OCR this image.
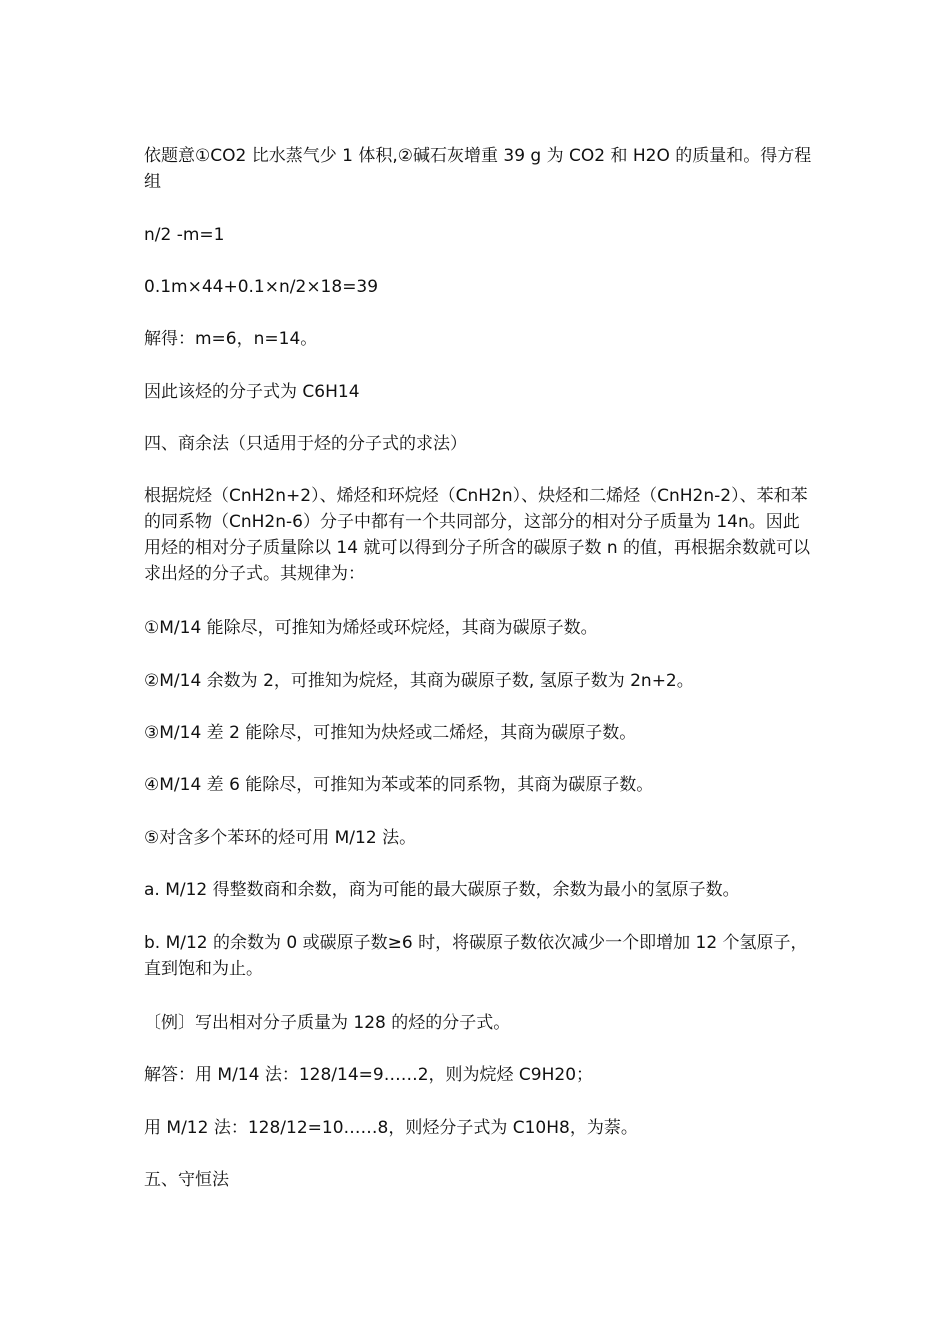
依题意①CO2 比水蒸气少 1 体积,②碱石灰增重 39 g 为 CO2 和 H2O 的质量和。得方程组

n/2 -m=1

0.1m×44+0.1×n/2×18=39

解得：m=6，n=14。

因此该烃的分子式为 C6H14

四、商余法（只适用于烃的分子式的求法）

根据烷烃（CnH2n+2）、烯烃和环烷烃（CnH2n）、炔烃和二烯烃（CnH2n-2）、苯和苯的同系物（CnH2n-6）分子中都有一个共同部分，这部分的相对分子质量为 14n。因此用烃的相对分子质量除以 14 就可以得到分子所含的碳原子数 n 的值，再根据余数就可以求出烃的分子式。其规律为：

①M/14 能除尽，可推知为烯烃或环烷烃，其商为碳原子数。

②M/14 余数为 2，可推知为烷烃，其商为碳原子数, 氢原子数为 2n+2。

③M/14 差 2 能除尽，可推知为炔烃或二烯烃，其商为碳原子数。

④M/14 差 6 能除尽，可推知为苯或苯的同系物，其商为碳原子数。

⑤对含多个苯环的烃可用 M/12 法。

a. M/12 得整数商和余数，商为可能的最大碳原子数，余数为最小的氢原子数。

b. M/12 的余数为 0 或碳原子数≥6 时，将碳原子数依次减少一个即增加 12 个氢原子，直到饱和为止。

〔例〕写出相对分子质量为 128 的烃的分子式。

解答：用 M/14 法：128/14=9……2，则为烷烃 C9H20；

用 M/12 法：128/12=10……8，则烃分子式为 C10H8，为萘。

五、守恒法
